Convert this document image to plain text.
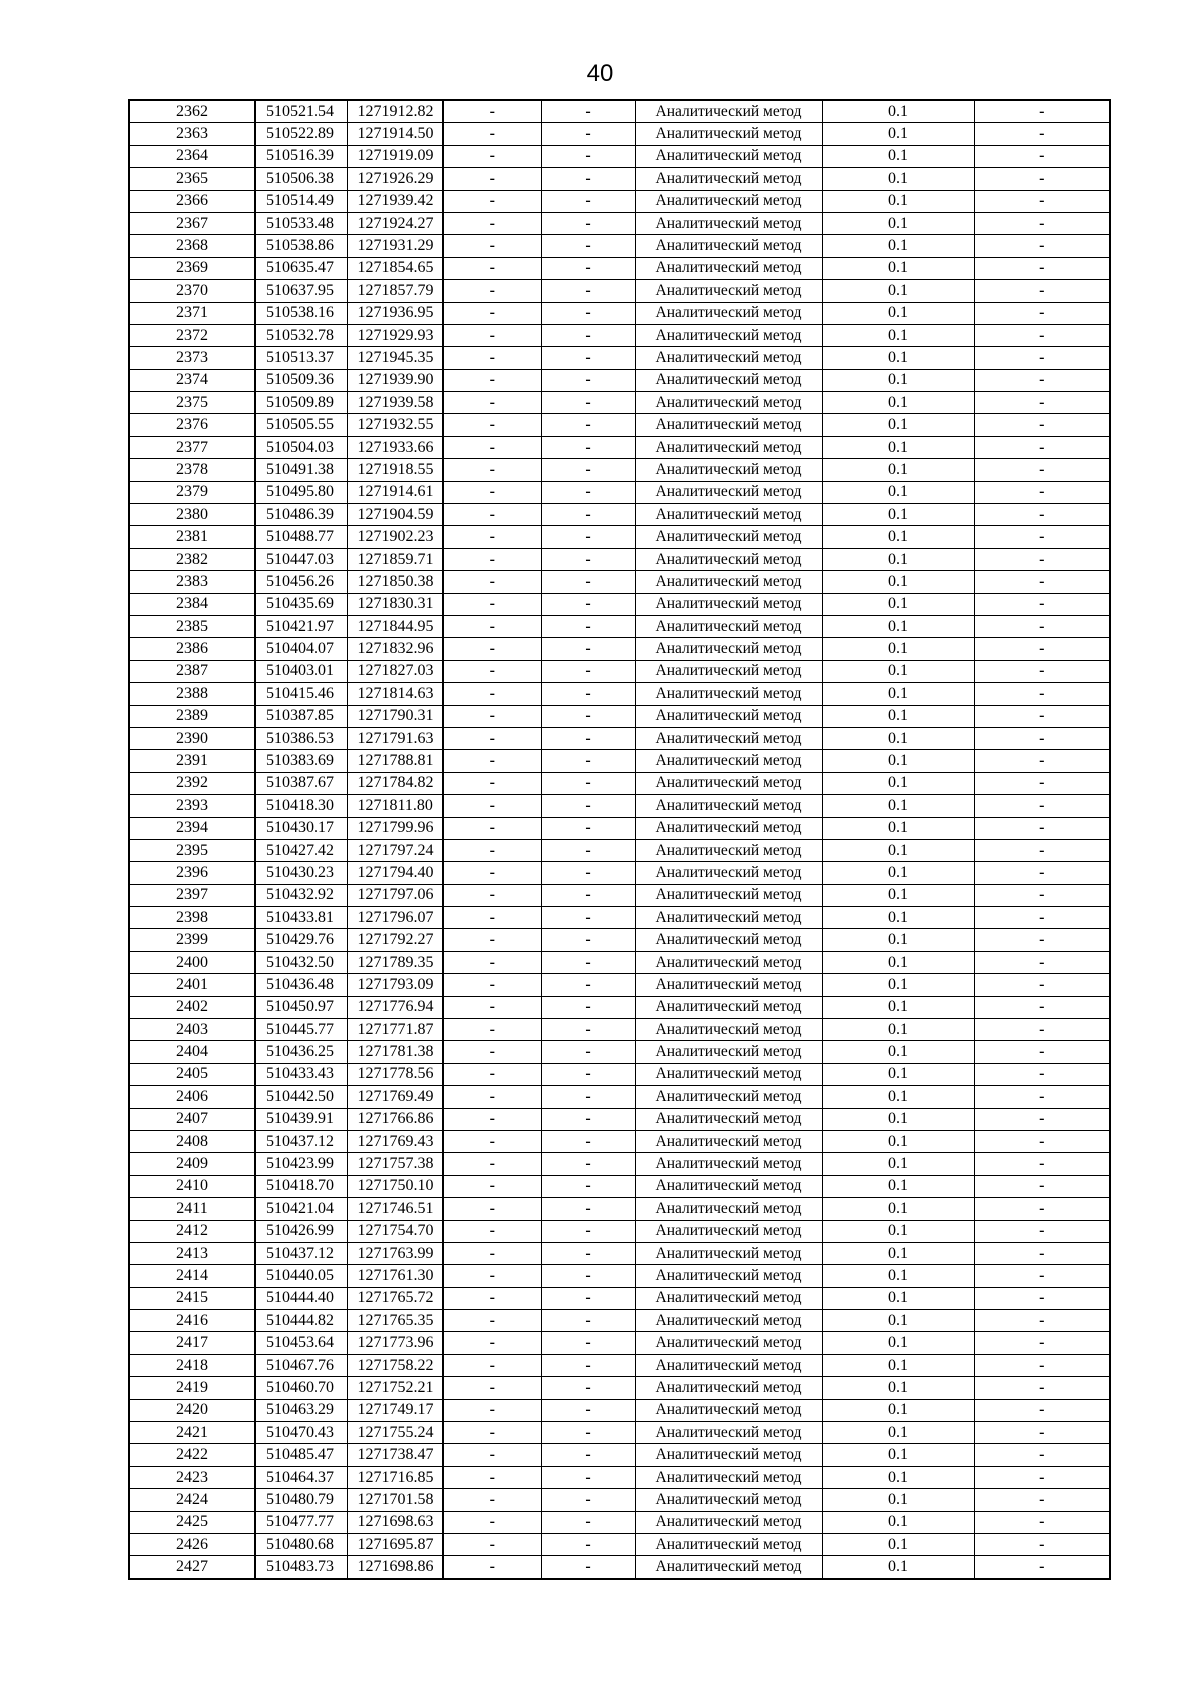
40
2362	510521.54	1271912.82	-	-	Аналитический метод	0.1	-
2363	510522.89	1271914.50	-	-	Аналитический метод	0.1	-
2364	510516.39	1271919.09	-	-	Аналитический метод	0.1	-
2365	510506.38	1271926.29	-	-	Аналитический метод	0.1	-
2366	510514.49	1271939.42	-	-	Аналитический метод	0.1	-
2367	510533.48	1271924.27	-	-	Аналитический метод	0.1	-
2368	510538.86	1271931.29	-	-	Аналитический метод	0.1	-
2369	510635.47	1271854.65	-	-	Аналитический метод	0.1	-
2370	510637.95	1271857.79	-	-	Аналитический метод	0.1	-
2371	510538.16	1271936.95	-	-	Аналитический метод	0.1	-
2372	510532.78	1271929.93	-	-	Аналитический метод	0.1	-
2373	510513.37	1271945.35	-	-	Аналитический метод	0.1	-
2374	510509.36	1271939.90	-	-	Аналитический метод	0.1	-
2375	510509.89	1271939.58	-	-	Аналитический метод	0.1	-
2376	510505.55	1271932.55	-	-	Аналитический метод	0.1	-
2377	510504.03	1271933.66	-	-	Аналитический метод	0.1	-
2378	510491.38	1271918.55	-	-	Аналитический метод	0.1	-
2379	510495.80	1271914.61	-	-	Аналитический метод	0.1	-
2380	510486.39	1271904.59	-	-	Аналитический метод	0.1	-
2381	510488.77	1271902.23	-	-	Аналитический метод	0.1	-
2382	510447.03	1271859.71	-	-	Аналитический метод	0.1	-
2383	510456.26	1271850.38	-	-	Аналитический метод	0.1	-
2384	510435.69	1271830.31	-	-	Аналитический метод	0.1	-
2385	510421.97	1271844.95	-	-	Аналитический метод	0.1	-
2386	510404.07	1271832.96	-	-	Аналитический метод	0.1	-
2387	510403.01	1271827.03	-	-	Аналитический метод	0.1	-
2388	510415.46	1271814.63	-	-	Аналитический метод	0.1	-
2389	510387.85	1271790.31	-	-	Аналитический метод	0.1	-
2390	510386.53	1271791.63	-	-	Аналитический метод	0.1	-
2391	510383.69	1271788.81	-	-	Аналитический метод	0.1	-
2392	510387.67	1271784.82	-	-	Аналитический метод	0.1	-
2393	510418.30	1271811.80	-	-	Аналитический метод	0.1	-
2394	510430.17	1271799.96	-	-	Аналитический метод	0.1	-
2395	510427.42	1271797.24	-	-	Аналитический метод	0.1	-
2396	510430.23	1271794.40	-	-	Аналитический метод	0.1	-
2397	510432.92	1271797.06	-	-	Аналитический метод	0.1	-
2398	510433.81	1271796.07	-	-	Аналитический метод	0.1	-
2399	510429.76	1271792.27	-	-	Аналитический метод	0.1	-
2400	510432.50	1271789.35	-	-	Аналитический метод	0.1	-
2401	510436.48	1271793.09	-	-	Аналитический метод	0.1	-
2402	510450.97	1271776.94	-	-	Аналитический метод	0.1	-
2403	510445.77	1271771.87	-	-	Аналитический метод	0.1	-
2404	510436.25	1271781.38	-	-	Аналитический метод	0.1	-
2405	510433.43	1271778.56	-	-	Аналитический метод	0.1	-
2406	510442.50	1271769.49	-	-	Аналитический метод	0.1	-
2407	510439.91	1271766.86	-	-	Аналитический метод	0.1	-
2408	510437.12	1271769.43	-	-	Аналитический метод	0.1	-
2409	510423.99	1271757.38	-	-	Аналитический метод	0.1	-
2410	510418.70	1271750.10	-	-	Аналитический метод	0.1	-
2411	510421.04	1271746.51	-	-	Аналитический метод	0.1	-
2412	510426.99	1271754.70	-	-	Аналитический метод	0.1	-
2413	510437.12	1271763.99	-	-	Аналитический метод	0.1	-
2414	510440.05	1271761.30	-	-	Аналитический метод	0.1	-
2415	510444.40	1271765.72	-	-	Аналитический метод	0.1	-
2416	510444.82	1271765.35	-	-	Аналитический метод	0.1	-
2417	510453.64	1271773.96	-	-	Аналитический метод	0.1	-
2418	510467.76	1271758.22	-	-	Аналитический метод	0.1	-
2419	510460.70	1271752.21	-	-	Аналитический метод	0.1	-
2420	510463.29	1271749.17	-	-	Аналитический метод	0.1	-
2421	510470.43	1271755.24	-	-	Аналитический метод	0.1	-
2422	510485.47	1271738.47	-	-	Аналитический метод	0.1	-
2423	510464.37	1271716.85	-	-	Аналитический метод	0.1	-
2424	510480.79	1271701.58	-	-	Аналитический метод	0.1	-
2425	510477.77	1271698.63	-	-	Аналитический метод	0.1	-
2426	510480.68	1271695.87	-	-	Аналитический метод	0.1	-
2427	510483.73	1271698.86	-	-	Аналитический метод	0.1	-
